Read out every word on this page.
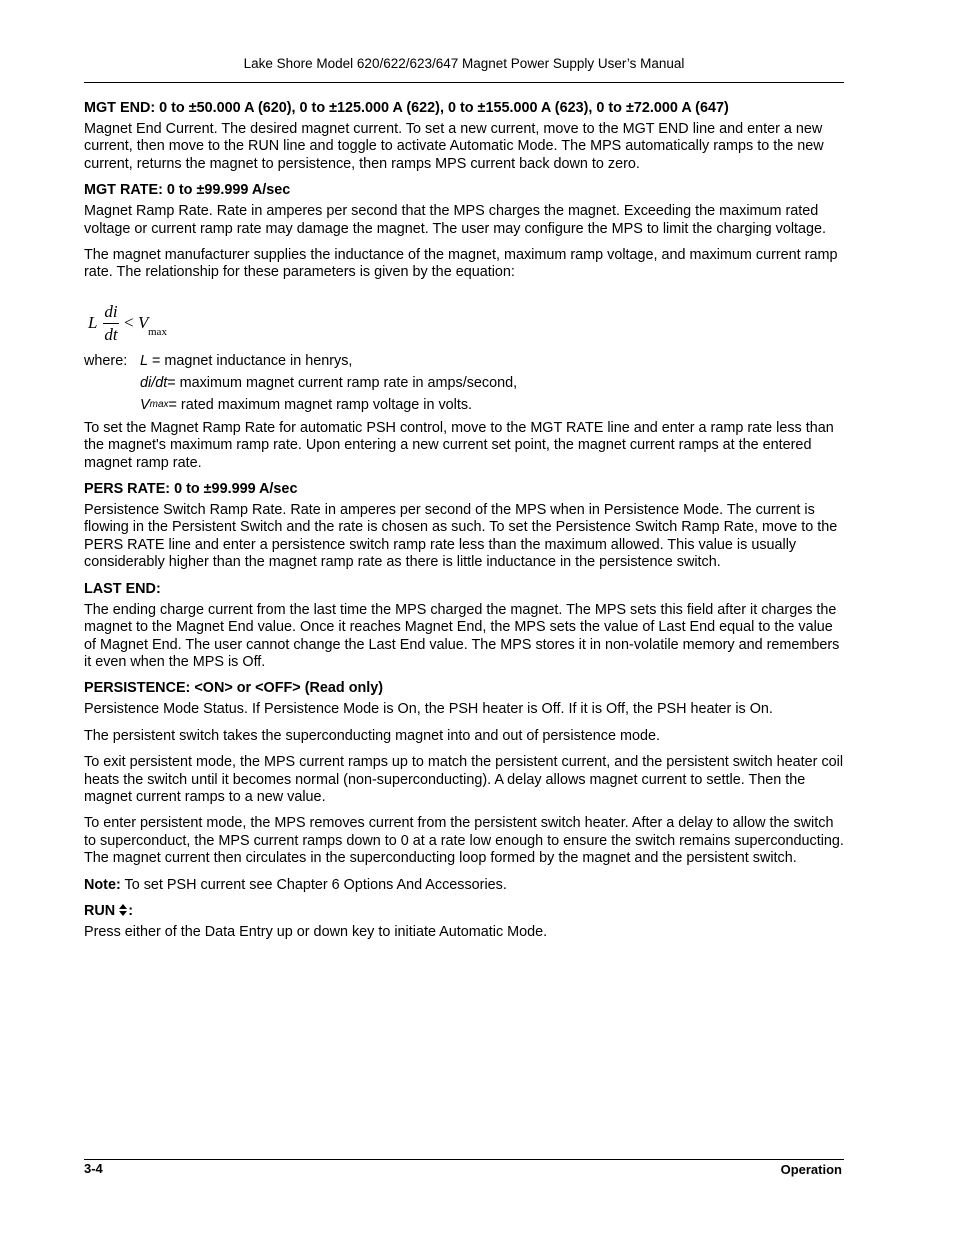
Lake Shore Model 620/622/623/647 Magnet Power Supply User’s Manual
MGT END: 0 to ±50.000 A (620), 0 to ±125.000 A (622), 0 to ±155.000 A (623), 0 to ±72.000 A (647)

Magnet End Current. The desired magnet current. To set a new current, move to the MGT END line and enter a new current, then move to the RUN line and toggle to activate Automatic Mode. The MPS automatically ramps to the new current, returns the magnet to persistence, then ramps MPS current back down to zero.

MGT RATE: 0 to ±99.999 A/sec

Magnet Ramp Rate. Rate in amperes per second that the MPS charges the magnet. Exceeding the maximum rated voltage or current ramp rate may damage the magnet. The user may configure the MPS to limit the charging voltage.

The magnet manufacturer supplies the inductance of the magnet, maximum ramp voltage, and maximum current ramp rate. The relationship for these parameters is given by the equation:

L
di
dt
< V max
where: L = magnet inductance in henrys,
di/dt = maximum magnet current ramp rate in amps/second,
V max = rated maximum magnet ramp voltage in volts.

To set the Magnet Ramp Rate for automatic PSH control, move to the MGT RATE line and enter a ramp rate less than the magnet's maximum ramp rate. Upon entering a new current set point, the magnet current ramps at the entered magnet ramp rate.

PERS RATE: 0 to ±99.999 A/sec

Persistence Switch Ramp Rate. Rate in amperes per second of the MPS when in Persistence Mode. The current is flowing in the Persistent Switch and the rate is chosen as such. To set the Persistence Switch Ramp Rate, move to the PERS RATE line and enter a persistence switch ramp rate less than the maximum allowed. This value is usually considerably higher than the magnet ramp rate as there is little inductance in the persistence switch.

LAST END:

The ending charge current from the last time the MPS charged the magnet. The MPS sets this field after it charges the magnet to the Magnet End value. Once it reaches Magnet End, the MPS sets the value of Last End equal to the value of Magnet End. The user cannot change the Last End value. The MPS stores it in non-volatile memory and remembers it even when the MPS is Off.

PERSISTENCE: <ON> or <OFF> (Read only)

Persistence Mode Status. If Persistence Mode is On, the PSH heater is Off. If it is Off, the PSH heater is On.

The persistent switch takes the superconducting magnet into and out of persistence mode.

To exit persistent mode, the MPS current ramps up to match the persistent current, and the persistent switch heater coil heats the switch until it becomes normal (non-superconducting). A delay allows magnet current to settle. Then the magnet current ramps to a new value.

To enter persistent mode, the MPS removes current from the persistent switch heater. After a delay to allow the switch to superconduct, the MPS current ramps down to 0 at a rate low enough to ensure the switch remains superconducting. The magnet current then circulates in the superconducting loop formed by the magnet and the persistent switch.

Note: To set PSH current see Chapter 6 Options And Accessories.

RUN :

Press either of the Data Entry up or down key to initiate Automatic Mode.

3-4	Operation
